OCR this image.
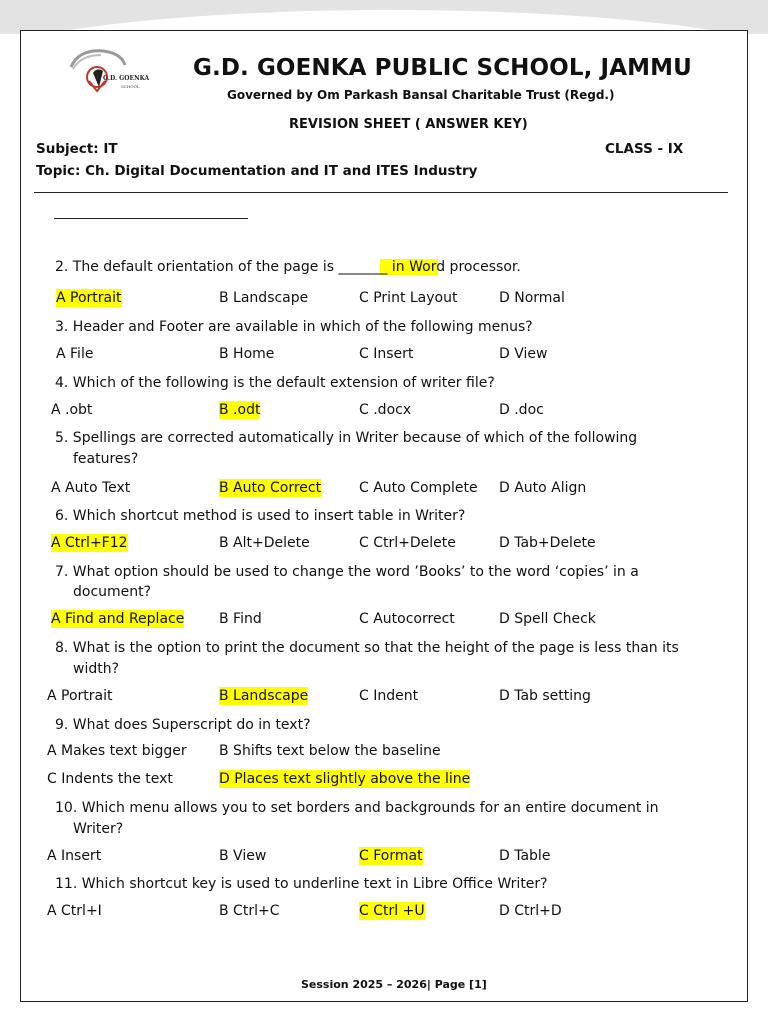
G.D. GOENKA
SCHOOL
G.D. GOENKA PUBLIC SCHOOL, JAMMU
Governed by Om Parkash Bansal Charitable Trust (Regd.)
REVISION SHEET ( ANSWER KEY)
Subject: IT	CLASS - IX
Topic: Ch. Digital Documentation and IT and ITES Industry
2. The default orientation of the page is _______ in Word processor.
A Portrait	B Landscape	C Print Layout	D Normal
3. Header and Footer are available in which of the following menus?
A File	B Home	C Insert	D View
4. Which of the following is the default extension of writer file?
A .obt	B .odt	C .docx	D .doc
5. Spellings are corrected automatically in Writer because of which of the following
features?
A Auto Text	B Auto Correct	C Auto Complete D Auto Align
6. Which shortcut method is used to insert table in Writer?
A Ctrl+F12	B Alt+Delete	C Ctrl+Delete	D Tab+Delete
7. What option should be used to change the word ’Books’ to the word ‘copies’ in a
document?
A Find and Replace B Find	C Autocorrect	D Spell Check
8. What is the option to print the document so that the height of the page is less than its
width?
A Portrait	B Landscape	C Indent	D Tab setting
9. What does Superscript do in text?
A Makes text bigger B Shifts text below the baseline
C Indents the text	D Places text slightly above the line
10. Which menu allows you to set borders and backgrounds for an entire document in
Writer?
A Insert	B View	C Format	D Table
11. Which shortcut key is used to underline text in Libre Office Writer?
A Ctrl+I	B Ctrl+C	C Ctrl +U	D Ctrl+D
Session 2025 – 2026| Page [1]
